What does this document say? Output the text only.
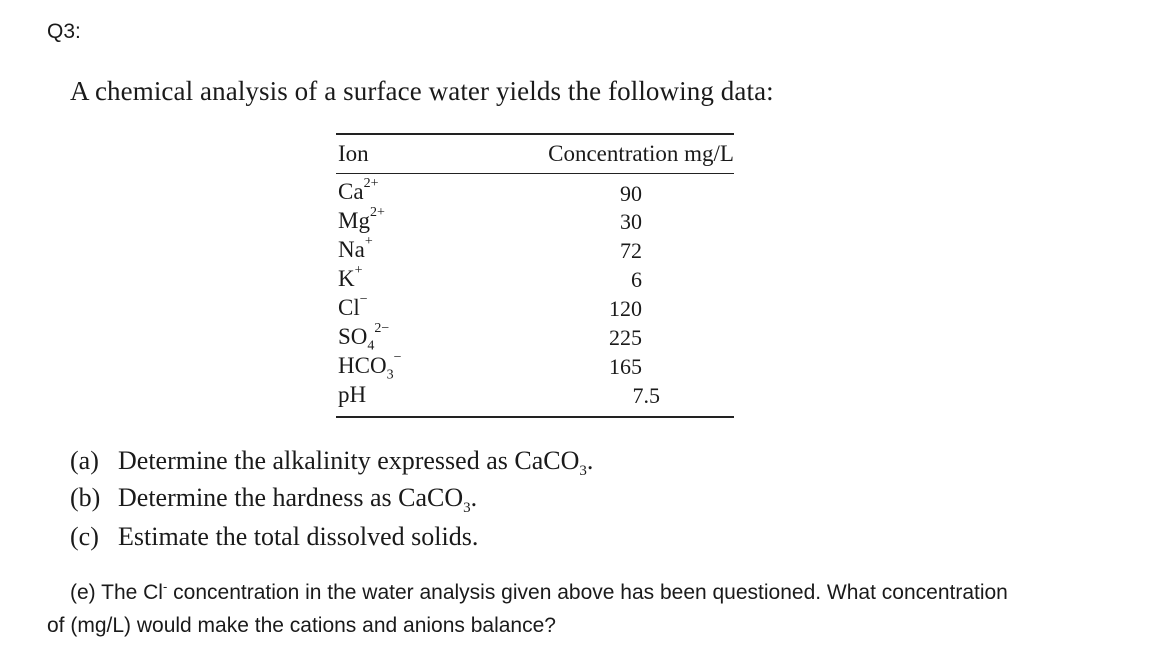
Q3:
A chemical analysis of a surface water yields the following data:
Ion	Concentration mg/L
$Ca^{2+}$	90
$Mg^{2+}$	30
Na+	72
K+	6
Cl−	120
$SO_4^{2-}$	225
$HCO_3^-$	165
pH	7.5
(a) Determine the alkalinity expressed as CaCO$_3$.
(b) Determine the hardness as CaCO$_3$.
(c) Estimate the total dissolved solids.
(e) The Cl- concentration in the water analysis given above has been questioned. What concentration
of (mg/L) would make the cations and anions balance?
